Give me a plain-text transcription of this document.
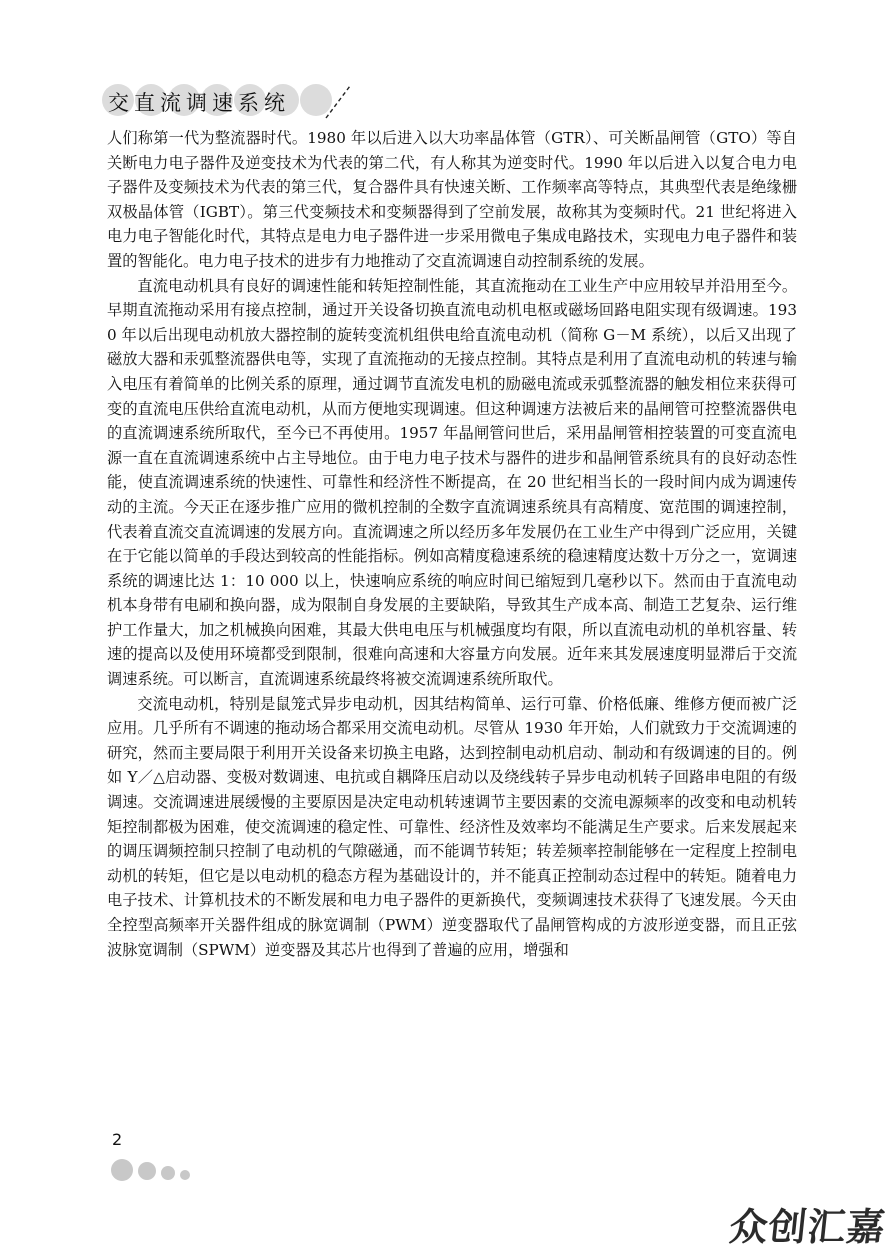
交直流调速系统

人们称第一代为整流器时代。1980 年以后进入以大功率晶体管（GTR）、可关断晶闸管（GTO）等自关断电力电子器件及逆变技术为代表的第二代，有人称其为逆变时代。1990 年以后进入以复合电力电子器件及变频技术为代表的第三代，复合器件具有快速关断、工作频率高等特点，其典型代表是绝缘栅双极晶体管（IGBT）。第三代变频技术和变频器得到了空前发展，故称其为变频时代。21 世纪将进入电力电子智能化时代，其特点是电力电子器件进一步采用微电子集成电路技术，实现电力电子器件和装置的智能化。电力电子技术的进步有力地推动了交直流调速自动控制系统的发展。

直流电动机具有良好的调速性能和转矩控制性能，其直流拖动在工业生产中应用较早并沿用至今。早期直流拖动采用有接点控制，通过开关设备切换直流电动机电枢或磁场回路电阻实现有级调速。1930 年以后出现电动机放大器控制的旋转变流机组供电给直流电动机（简称 G－M 系统），以后又出现了磁放大器和汞弧整流器供电等，实现了直流拖动的无接点控制。其特点是利用了直流电动机的转速与输入电压有着简单的比例关系的原理，通过调节直流发电机的励磁电流或汞弧整流器的触发相位来获得可变的直流电压供给直流电动机，从而方便地实现调速。但这种调速方法被后来的晶闸管可控整流器供电的直流调速系统所取代，至今已不再使用。1957 年晶闸管问世后，采用晶闸管相控装置的可变直流电源一直在直流调速系统中占主导地位。由于电力电子技术与器件的进步和晶闸管系统具有的良好动态性能，使直流调速系统的快速性、可靠性和经济性不断提高，在 20 世纪相当长的一段时间内成为调速传动的主流。今天正在逐步推广应用的微机控制的全数字直流调速系统具有高精度、宽范围的调速控制，代表着直流交直流调速的发展方向。直流调速之所以经历多年发展仍在工业生产中得到广泛应用，关键在于它能以简单的手段达到较高的性能指标。例如高精度稳速系统的稳速精度达数十万分之一，宽调速系统的调速比达 1：10 000 以上，快速响应系统的响应时间已缩短到几毫秒以下。然而由于直流电动机本身带有电刷和换向器，成为限制自身发展的主要缺陷，导致其生产成本高、制造工艺复杂、运行维护工作量大，加之机械换向困难，其最大供电电压与机械强度均有限，所以直流电动机的单机容量、转速的提高以及使用环境都受到限制，很难向高速和大容量方向发展。近年来其发展速度明显滞后于交流调速系统。可以断言，直流调速系统最终将被交流调速系统所取代。

交流电动机，特别是鼠笼式异步电动机，因其结构简单、运行可靠、价格低廉、维修方便而被广泛应用。几乎所有不调速的拖动场合都采用交流电动机。尽管从 1930 年开始，人们就致力于交流调速的研究，然而主要局限于利用开关设备来切换主电路，达到控制电动机启动、制动和有级调速的目的。例如 Y／△启动器、变极对数调速、电抗或自耦降压启动以及绕线转子异步电动机转子回路串电阻的有级调速。交流调速进展缓慢的主要原因是决定电动机转速调节主要因素的交流电源频率的改变和电动机转矩控制都极为困难，使交流调速的稳定性、可靠性、经济性及效率均不能满足生产要求。后来发展起来的调压调频控制只控制了电动机的气隙磁通，而不能调节转矩；转差频率控制能够在一定程度上控制电动机的转矩，但它是以电动机的稳态方程为基础设计的，并不能真正控制动态过程中的转矩。随着电力电子技术、计算机技术的不断发展和电力电子器件的更新换代，变频调速技术获得了飞速发展。今天由全控型高频率开关器件组成的脉宽调制（PWM）逆变器取代了晶闸管构成的方波形逆变器，而且正弦波脉宽调制（SPWM）逆变器及其芯片也得到了普遍的应用，增强和

2
众创汇嘉
